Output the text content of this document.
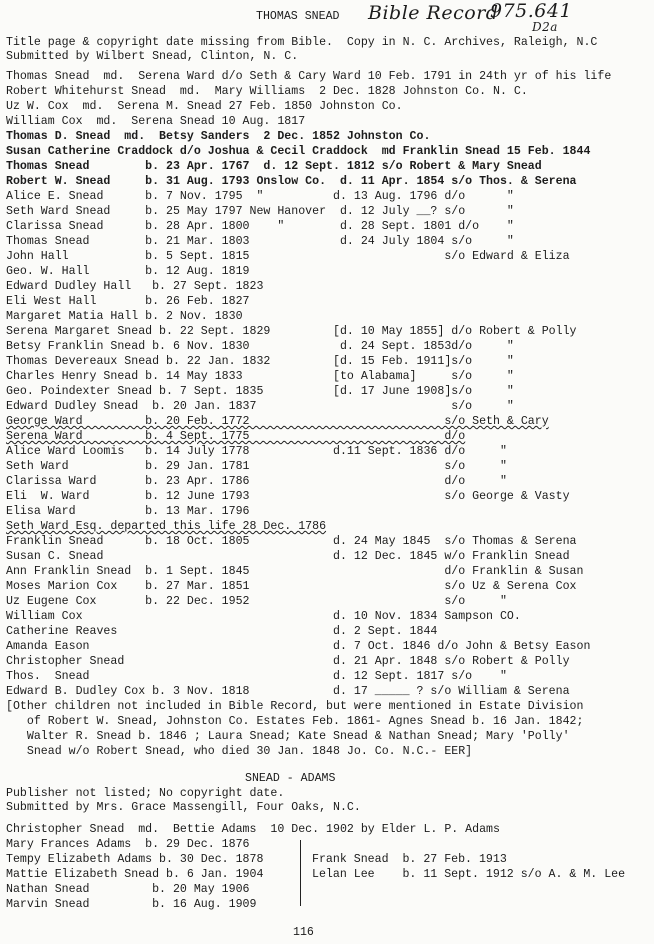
THOMAS SNEAD Bible Record
975.641
D2a
Title page & copyright date missing from Bible.  Copy in N. C. Archives, Raleigh, N.C
Submitted by Wilbert Snead, Clinton, N. C.
Thomas Snead  md.  Serena Ward d/o Seth & Cary Ward 10 Feb. 1791 in 24th yr of his life
Robert Whitehurst Snead  md.  Mary Williams  2 Dec. 1828 Johnston Co. N. C.
Uz W. Cox  md.  Serena M. Snead 27 Feb. 1850 Johnston Co.
William Cox  md.  Serena Snead 10 Aug. 1817
Thomas D. Snead  md.  Betsy Sanders  2 Dec. 1852 Johnston Co.
Susan Catherine Craddock d/o Joshua & Cecil Craddock  md Franklin Snead 15 Feb. 1844
Thomas Snead        b. 23 Apr. 1767  d. 12 Sept. 1812 s/o Robert & Mary Snead
Robert W. Snead     b. 31 Aug. 1793 Onslow Co.  d. 11 Apr. 1854 s/o Thos. & Serena
Alice E. Snead      b. 7 Nov. 1795  "          d. 13 Aug. 1796 d/o      "
Seth Ward Snead     b. 25 May 1797 New Hanover  d. 12 July __? s/o      "
Clarissa Snead      b. 28 Apr. 1800    "        d. 28 Sept. 1801 d/o    "
Thomas Snead        b. 21 Mar. 1803             d. 24 July 1804 s/o     "
John Hall           b. 5 Sept. 1815                            s/o Edward & Eliza
Geo. W. Hall        b. 12 Aug. 1819
Edward Dudley Hall   b. 27 Sept. 1823
Eli West Hall       b. 26 Feb. 1827
Margaret Matia Hall b. 2 Nov. 1830
Serena Margaret Snead b. 22 Sept. 1829         [d. 10 May 1855] d/o Robert & Polly
Betsy Franklin Snead b. 6 Nov. 1830             d. 24 Sept. 1853d/o     "
Thomas Devereaux Snead b. 22 Jan. 1832         [d. 15 Feb. 1911]s/o     "
Charles Henry Snead b. 14 May 1833             [to Alabama]     s/o     "
Geo. Poindexter Snead b. 7 Sept. 1835          [d. 17 June 1908]s/o     "
Edward Dudley Snead  b. 20 Jan. 1837                            s/o     "
George Ward         b. 20 Feb. 1772                            s/o Seth & Cary
Serena Ward         b. 4 Sept. 1775                            d/o
Alice Ward Loomis   b. 14 July 1778            d.11 Sept. 1836 d/o     "
Seth Ward           b. 29 Jan. 1781                            s/o     "
Clarissa Ward       b. 23 Apr. 1786                            d/o     "
Eli  W. Ward        b. 12 June 1793                            s/o George & Vasty
Elisa Ward          b. 13 Mar. 1796
Seth Ward Esq. departed this life 28 Dec. 1786
Franklin Snead      b. 18 Oct. 1805            d. 24 May 1845  s/o Thomas & Serena
Susan C. Snead                                 d. 12 Dec. 1845 w/o Franklin Snead
Ann Franklin Snead  b. 1 Sept. 1845                            d/o Franklin & Susan
Moses Marion Cox    b. 27 Mar. 1851                            s/o Uz & Serena Cox
Uz Eugene Cox       b. 22 Dec. 1952                            s/o     "
William Cox                                    d. 10 Nov. 1834 Sampson CO.
Catherine Reaves                               d. 2 Sept. 1844
Amanda Eason                                   d. 7 Oct. 1846 d/o John & Betsy Eason
Christopher Snead                              d. 21 Apr. 1848 s/o Robert & Polly
Thos.  Snead                                   d. 12 Sept. 1817 s/o    "
Edward B. Dudley Cox b. 3 Nov. 1818            d. 17 _____ ? s/o William & Serena
[Other children not included in Bible Record, but were mentioned in Estate Division
of Robert W. Snead, Johnston Co. Estates Feb. 1861- Agnes Snead b. 16 Jan. 1842;
Walter R. Snead b. 1846 ; Laura Snead; Kate Snead & Nathan Snead; Mary 'Polly'
Snead w/o Robert Snead, who died 30 Jan. 1848 Jo. Co. N.C.- EER]
SNEAD - ADAMS
Publisher not listed; No copyright date.
Submitted by Mrs. Grace Massengill, Four Oaks, N.C.
Christopher Snead  md.  Bettie Adams  10 Dec. 1902 by Elder L. P. Adams
Mary Frances Adams  b. 29 Dec. 1876
Tempy Elizabeth Adams b. 30 Dec. 1878
Mattie Elizabeth Snead b. 6 Jan. 1904
Nathan Snead         b. 20 May 1906
Marvin Snead         b. 16 Aug. 1909
Frank Snead  b. 27 Feb. 1913
Lelan Lee    b. 11 Sept. 1912 s/o A. & M. Lee
116
